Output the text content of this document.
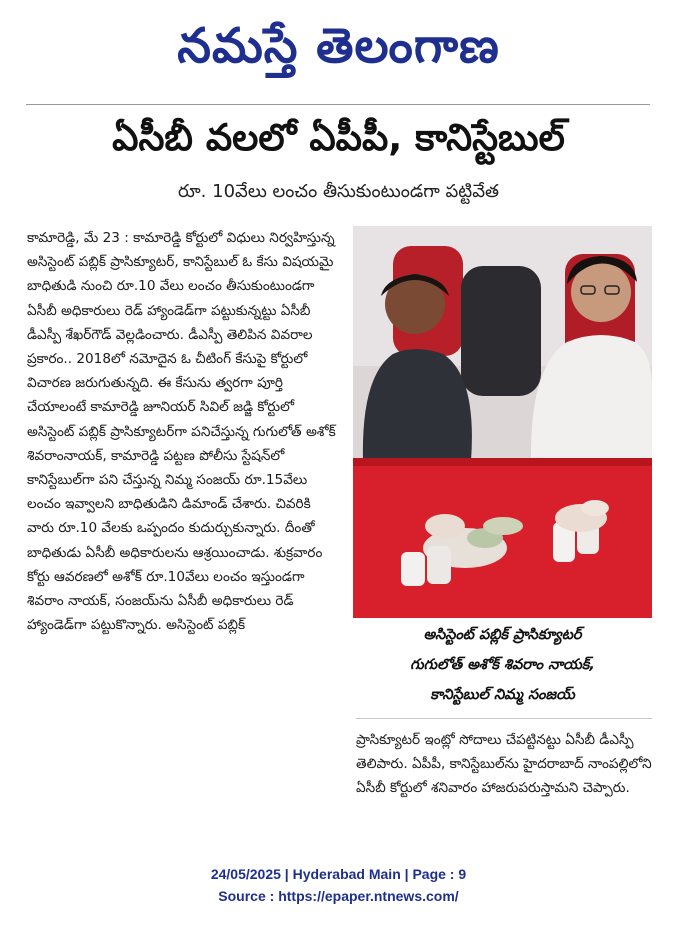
నమస్తే తెలంగాణ
ఏసీబీ వలలో ఏపీపీ, కానిస్టేబుల్
రూ. 10వేలు లంచం తీసుకుంటుండగా పట్టివేత

కామారెడ్డి, మే 23 : కామారెడ్డి కోర్టులో విధులు నిర్వహిస్తున్న అసిస్టెంట్ పబ్లిక్ ప్రాసిక్యూటర్, కానిస్టేబుల్ ఓ కేసు విషయమై బాధితుడి నుంచి రూ.10 వేలు లంచం తీసుకుంటుండగా ఏసీబీ అధికారులు రెడ్ హ్యాండెడ్‌గా పట్టుకున్నట్టు ఏసీబీ డీఎస్పీ శేఖర్‌గౌడ్ వెల్లడించారు. డీఎస్పీ తెలిపిన వివరాల ప్రకారం.. 2018లో నమోదైన ఓ చీటింగ్ కేసుపై కోర్టులో విచారణ జరుగుతున్నది. ఈ కేసును త్వరగా పూర్తి చేయాలంటే కామారెడ్డి జూనియర్ సివిల్ జడ్జి కోర్టులో అసిస్టెంట్ పబ్లిక్ ప్రాసిక్యూటర్‌గా పనిచేస్తున్న గుగులోత్ అశోక్ శివరాంనాయక్, కామారెడ్డి పట్టణ పోలీసు స్టేషన్‌లో కానిస్టేబుల్‌గా పని చేస్తున్న నిమ్మ సంజయ్ రూ.15వేలు లంచం ఇవ్వాలని బాధితుడిని డిమాండ్ చేశారు. చివరికి వారు రూ.10 వేలకు ఒప్పందం కుదుర్చుకున్నారు. దీంతో బాధితుడు ఏసీబీ అధికారులను ఆశ్రయించాడు. శుక్రవారం కోర్టు ఆవరణలో అశోక్ రూ.10వేలు లంచం ఇస్తుండగా శివరాం నాయక్, సంజయ్‌ను ఏసీబీ అధికారులు రెడ్ హ్యాండెడ్‌గా పట్టుకొన్నారు. అసిస్టెంట్ పబ్లిక్

అసిస్టెంట్ పబ్లిక్ ప్రాసిక్యూటర్
గుగులోత్ అశోక్ శివరాం నాయక్,
కానిస్టేబుల్ నిమ్మ సంజయ్

ప్రాసిక్యూటర్ ఇంట్లో సోదాలు చేపట్టినట్టు ఏసీబీ డీఎస్పీ తెలిపారు. ఏపీపీ, కానిస్టేబుల్‌ను హైదరాబాద్ నాంపల్లిలోని ఏసీబీ కోర్టులో శనివారం హాజరుపరుస్తామని చెప్పారు.

24/05/2025 | Hyderabad Main | Page : 9
Source : https://epaper.ntnews.com/
